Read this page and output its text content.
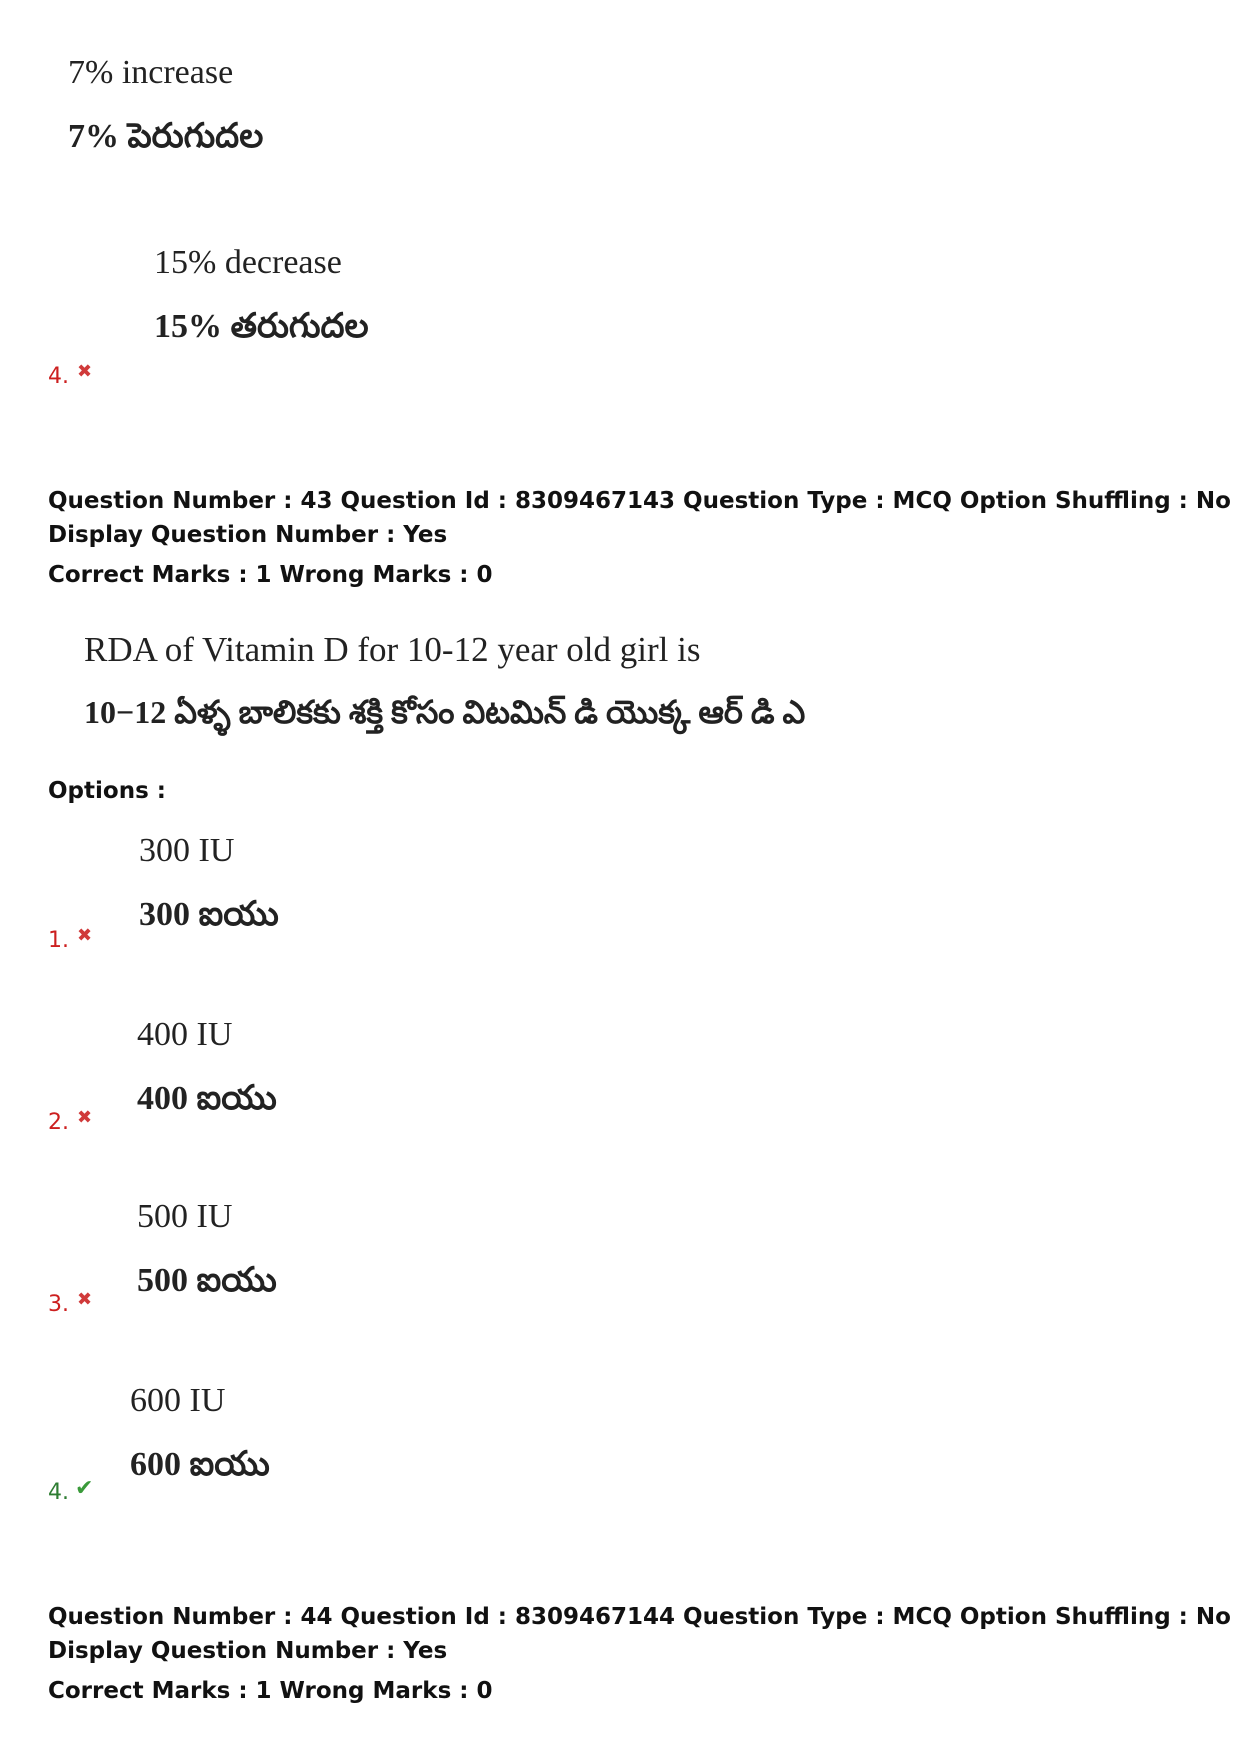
7% increase
7% పెరుగుదల
15% decrease
15% తరుగుదల
4. ✖
Question Number : 43 Question Id : 8309467143 Question Type : MCQ Option Shuffling : No
Display Question Number : Yes
Correct Marks : 1 Wrong Marks : 0
RDA of Vitamin D for 10-12 year old girl is
10−12 ఏళ్ళ బాలికకు శక్తి కోసం విటమిన్ డి యొక్క ఆర్ డి ఎ
Options :
300 IU
300 ఐయు
1. ✖
400 IU
400 ఐయు
2. ✖
500 IU
500 ఐయు
3. ✖
600 IU
600 ఐయు
4. ✔
Question Number : 44 Question Id : 8309467144 Question Type : MCQ Option Shuffling : No
Display Question Number : Yes
Correct Marks : 1 Wrong Marks : 0
